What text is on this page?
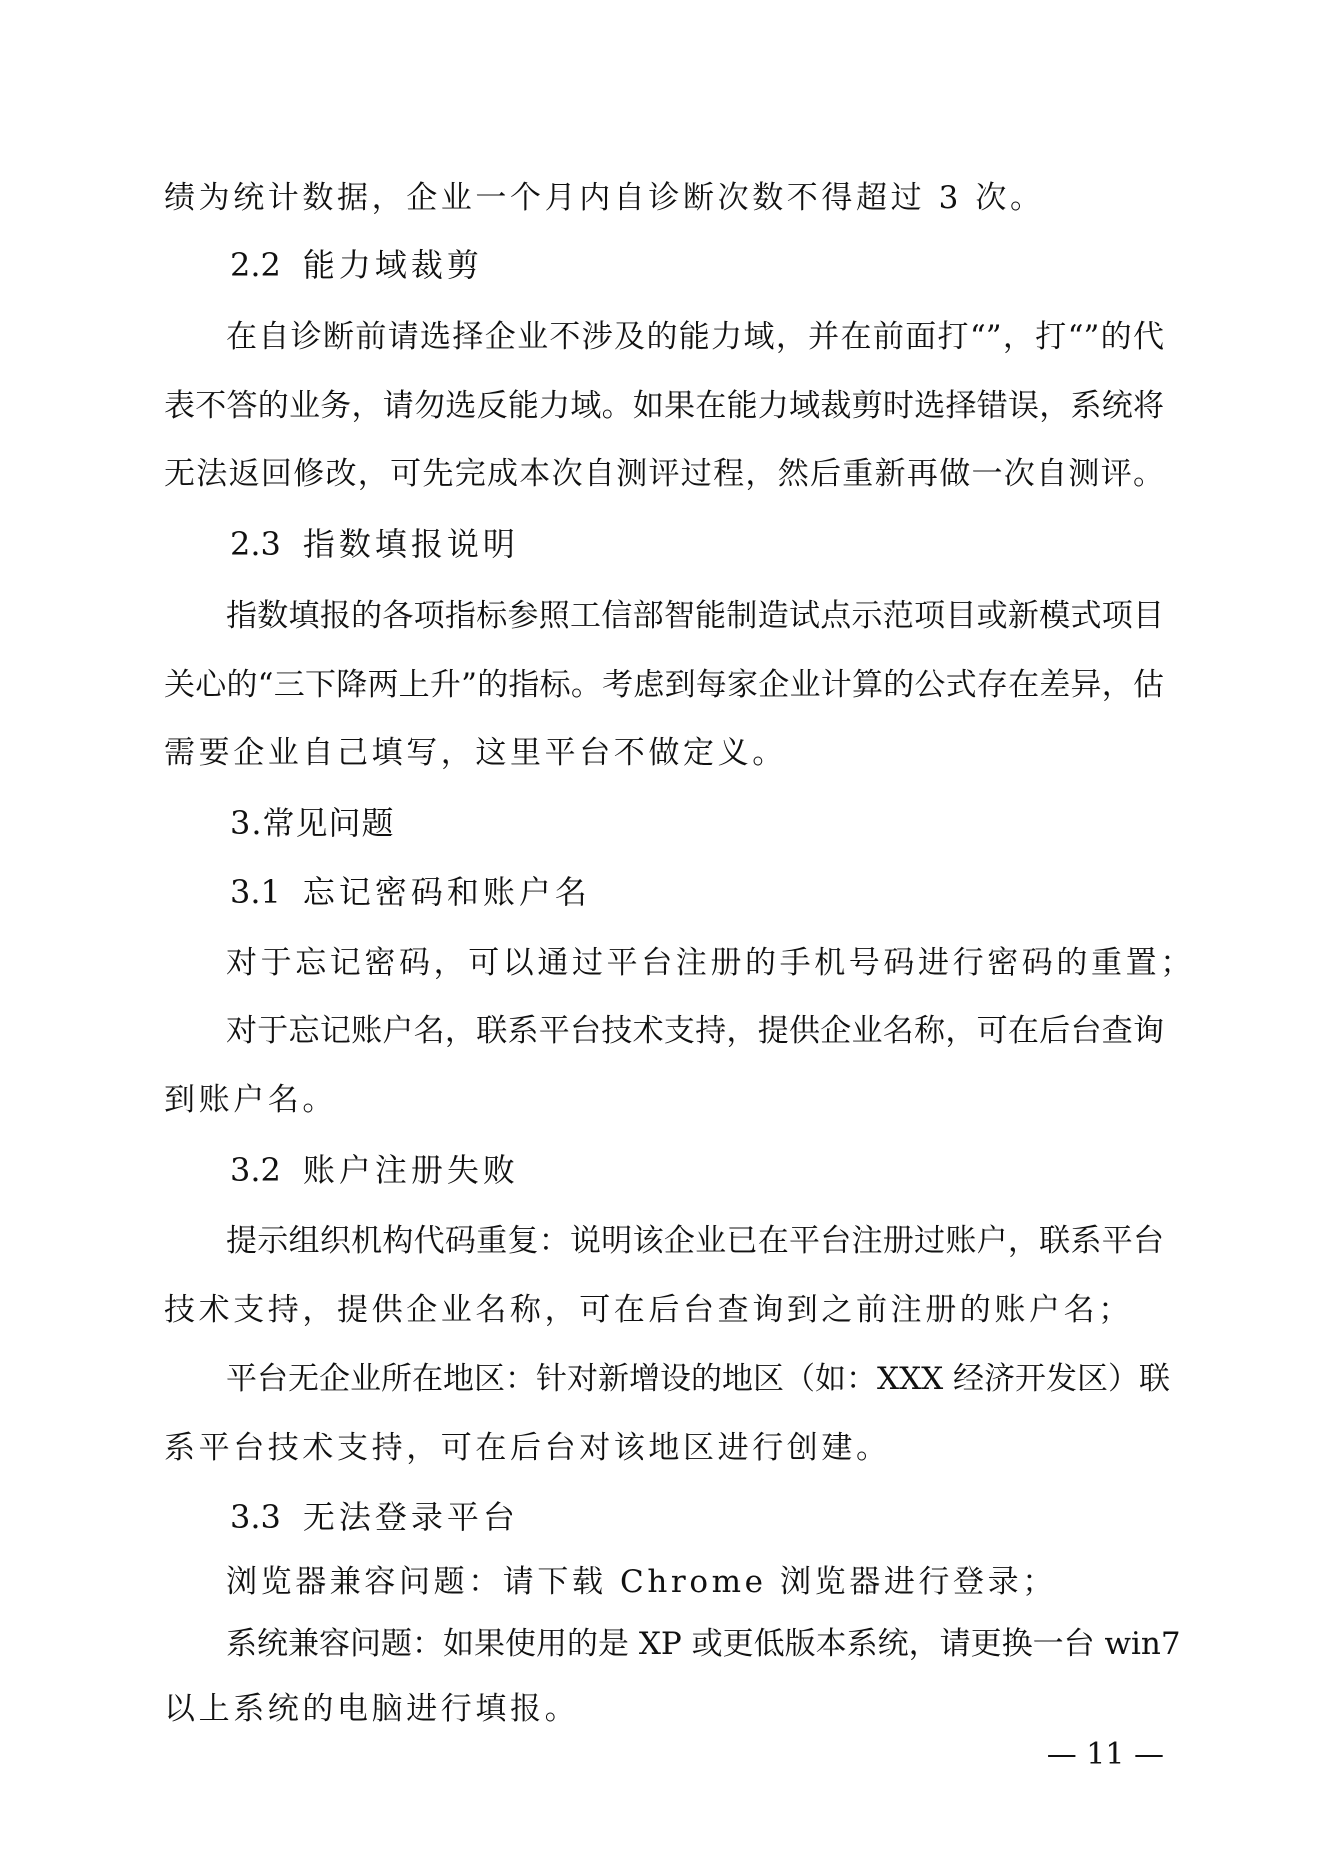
绩为统计数据，企业一个月内自诊断次数不得超过 3 次。
2.2 能力域裁剪
在自诊断前请选择企业不涉及的能力域，并在前面打“”，打“”的代
表不答的业务，请勿选反能力域。如果在能力域裁剪时选择错误，系统将
无法返回修改，可先完成本次自测评过程，然后重新再做一次自测评。
2.3 指数填报说明
指数填报的各项指标参照工信部智能制造试点示范项目或新模式项目
关心的“三下降两上升”的指标。考虑到每家企业计算的公式存在差异，估
需要企业自己填写，这里平台不做定义。
3.常见问题
3.1 忘记密码和账户名
对于忘记密码，可以通过平台注册的手机号码进行密码的重置；
对于忘记账户名，联系平台技术支持，提供企业名称，可在后台查询
到账户名。
3.2 账户注册失败
提示组织机构代码重复：说明该企业已在平台注册过账户，联系平台
技术支持，提供企业名称，可在后台查询到之前注册的账户名；
平台无企业所在地区：针对新增设的地区（如：XXX 经济开发区）联
系平台技术支持，可在后台对该地区进行创建。
3.3 无法登录平台
浏览器兼容问题：请下载 Chrome 浏览器进行登录；
系统兼容问题：如果使用的是 XP 或更低版本系统，请更换一台 win7
以上系统的电脑进行填报。
— 11 —
